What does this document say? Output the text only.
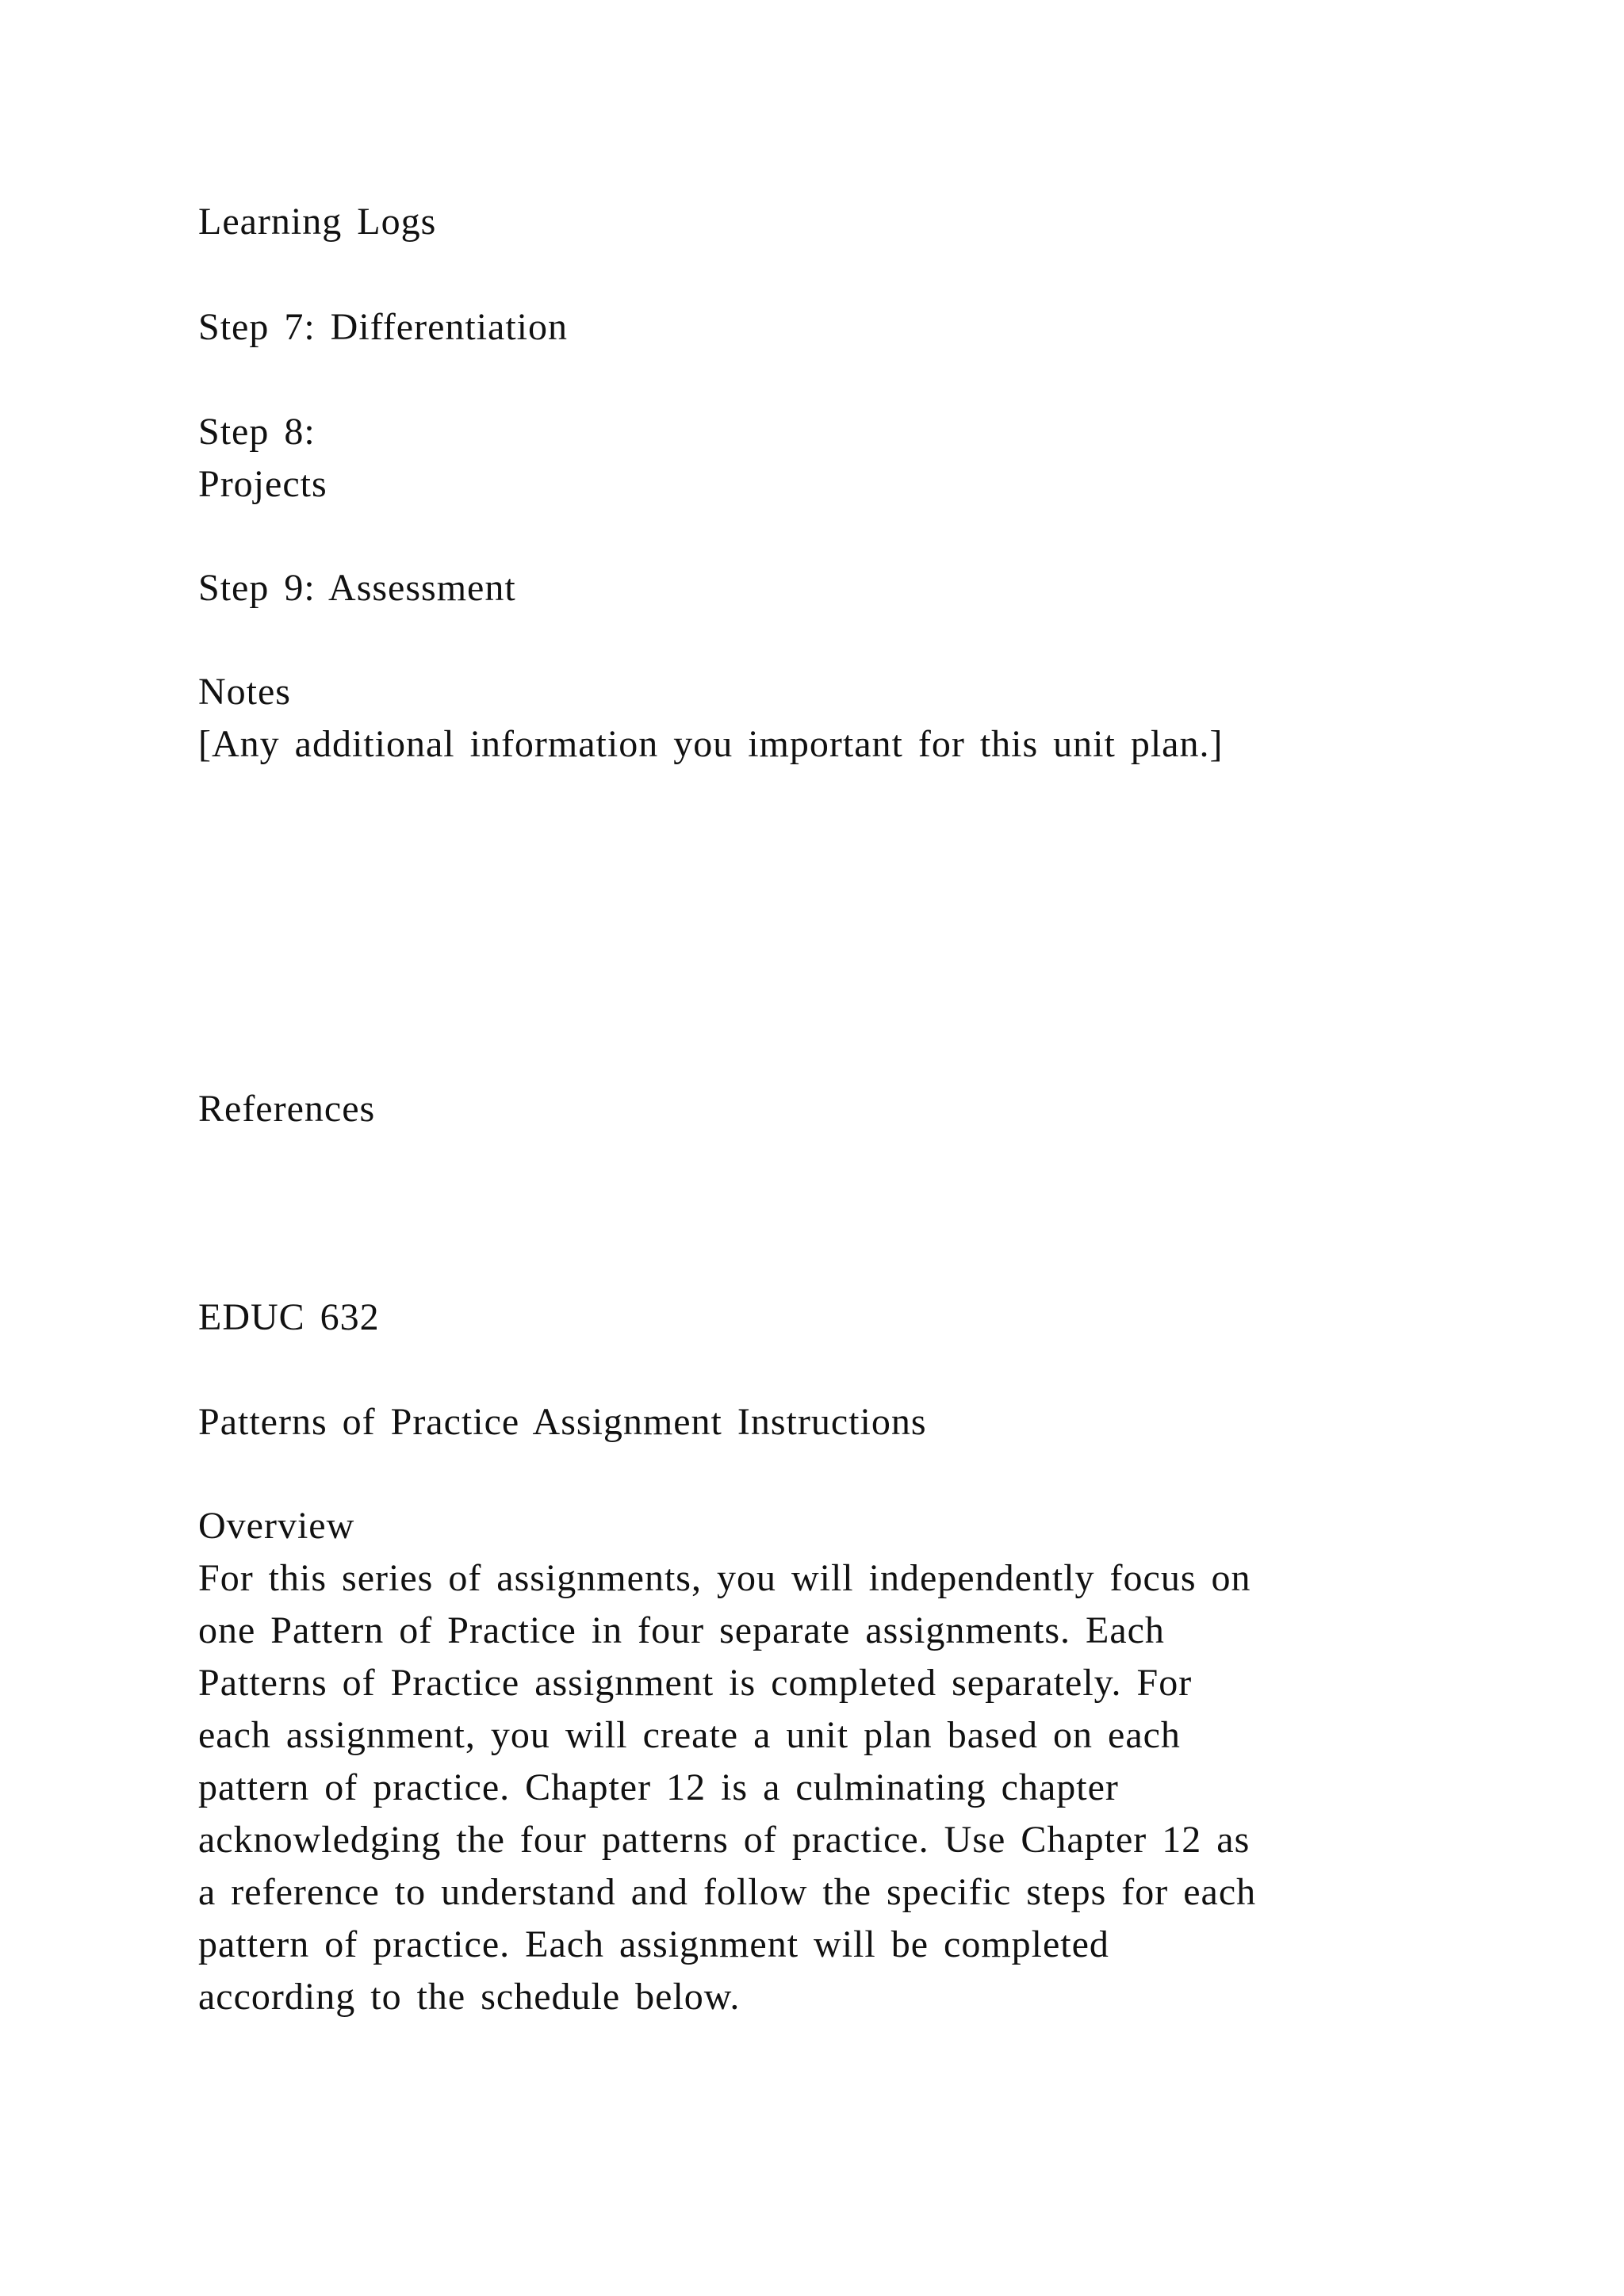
Learning Logs
Step 7: Differentiation
Step 8:
Projects
Step 9: Assessment
Notes
[Any additional information you important for this unit plan.]
References
EDUC 632
Patterns of Practice Assignment Instructions
Overview
For this series of assignments, you will independently focus on
one Pattern of Practice in four separate assignments. Each
Patterns of Practice assignment is completed separately. For
each assignment, you will create a unit plan based on each
pattern of practice. Chapter 12 is a culminating chapter
acknowledging the four patterns of practice. Use Chapter 12 as
a reference to understand and follow the specific steps for each
pattern of practice. Each assignment will be completed
according to the schedule below.
